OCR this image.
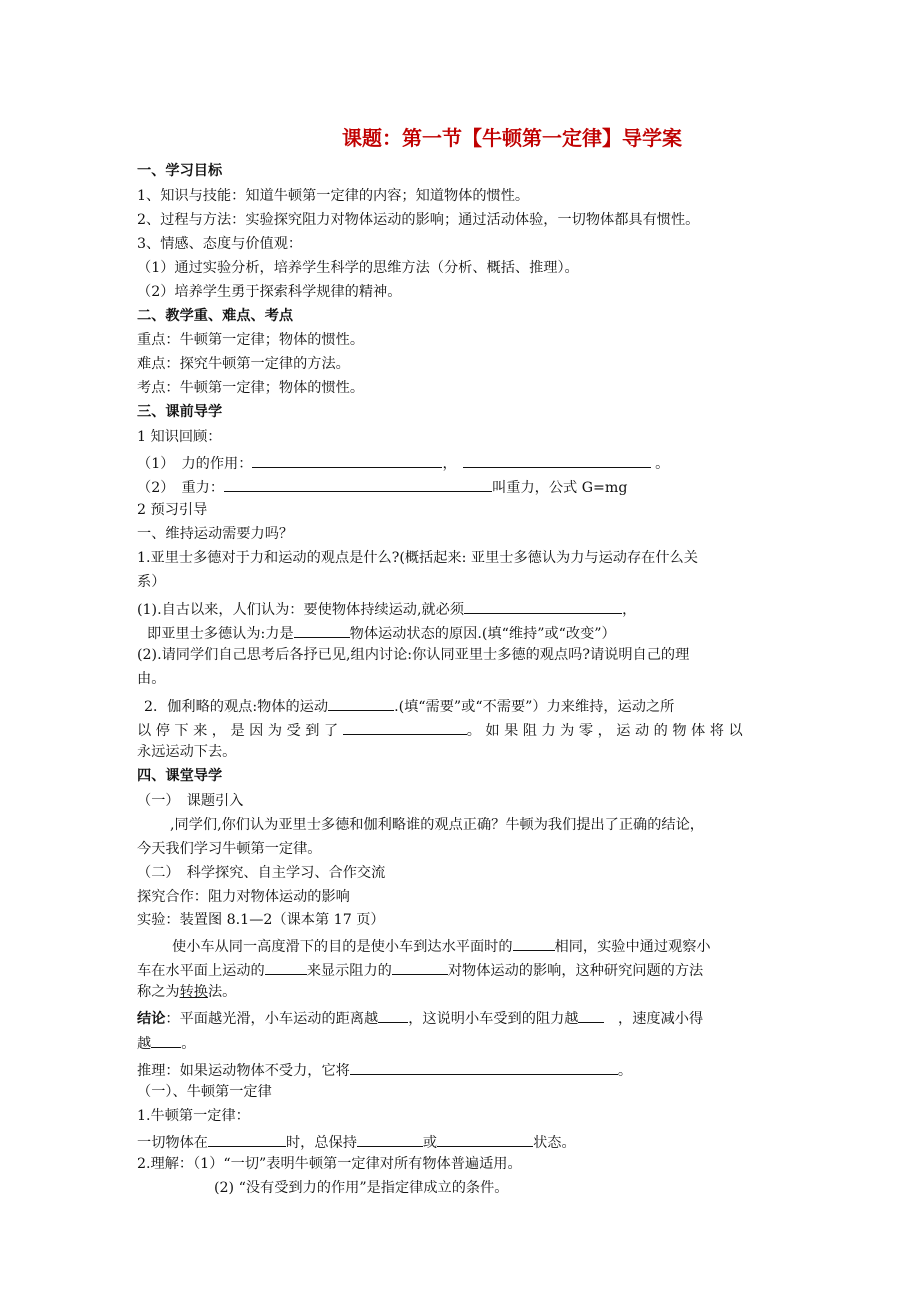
课题：第一节【牛顿第一定律】导学案
一、学习目标
1、知识与技能：知道牛顿第一定律的内容；知道物体的惯性。
2、过程与方法：实验探究阻力对物体运动的影响；通过活动体验，一切物体都具有惯性。
3、情感、态度与价值观：
（1）通过实验分析，培养学生科学的思维方法（分析、概括、推理）。
（2）培养学生勇于探索科学规律的精神。
二、教学重、难点、考点
重点：牛顿第一定律；物体的惯性。
难点：探究牛顿第一定律的方法。
考点：牛顿第一定律；物体的惯性。
三、课前导学
1 知识回顾：
（1）　力的作用：	，	。
（2）　重力：	叫重力，公式 G=mg
2 预习引导
一、维持运动需要力吗？
1.亚里士多德对于力和运动的观点是什么?(概括起来: 亚里士多德认为力与运动存在什么关
系）
(1).自古以来，人们认为：要使物体持续运动,就必须	，
即亚里士多德认为:力是	物体运动状态的原因.(填“维持”或“改变”）
(2).请同学们自己思考后各抒已见,组内讨论:你认同亚里士多德的观点吗?请说明自己的理
由。
2．伽利略的观点:物体的运动	.(填“需要”或“不需要”）力来维持，运动之所
以 停 下 来 ， 是 因 为 受 到 了	。 如 果 阻 力 为 零 ， 运 动 的 物 体 将 以
永远运动下去。
四、课堂导学
（一）　课题引入
,同学们,你们认为亚里士多德和伽利略谁的观点正确？牛顿为我们提出了正确的结论，
今天我们学习牛顿第一定律。
（二）　科学探究、自主学习、合作交流
探究合作：阻力对物体运动的影响
实验：装置图 8.1—2（课本第 17 页）
使小车从同一高度滑下的目的是使小车到达水平面时的	相同，实验中通过观察小
车在水平面上运动的	来显示阻力的	对物体运动的影响，这种研究问题的方法
称之为转换法。
结论：平面越光滑，小车运动的距离越 ，这说明小车受到的阻力越	，速度减小得
越 。
推理：如果运动物体不受力，它将	。
（一）、牛顿第一定律
1.牛顿第一定律：
一切物体在	时，总保持	或	状态。
2.理解：（1）“一切”表明牛顿第一定律对所有物体普遍适用。
(2) “没有受到力的作用”是指定律成立的条件。
